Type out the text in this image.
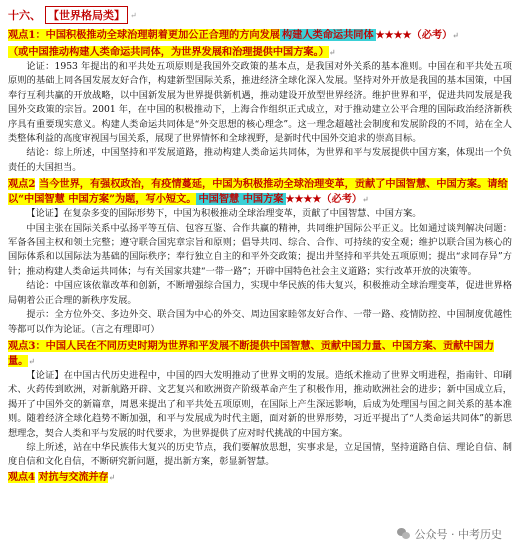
十六、 【世界格局类】 ↵
观点1：中国积极推动全球治理朝着更加公正合理的方向发展 构建人类命运共同体 ★★★★（必考）↵
（或中国推动构建人类命运共同体，为世界发展和治理提供中国方案。）↵

论证：1953 年提出的和平共处五项原则是我国外交政策的基本点，是我国对外关系的基本准则。中国在和平共处五项原则的基础上同各国发展友好合作，构建新型国际关系，推进经济全球化深入发展。坚持对外开放是我国的基本国策，中国奉行互利共赢的开放战略，以中国新发展为世界提供新机遇，推动建设开放型世界经济。维护世界和平，促进共同发展是我国外交政策的宗旨。2001 年，在中国的积极推动下，上海合作组织正式成立，对于推动建立公平合理的国际政治经济新秩序具有重要现实意义。构建人类命运共同体是“外交思想的核心理念”。这一理念超越社会制度和发展阶段的不同，站在全人类整体利益的高度审视国与国关系，展现了世界情怀和全球视野，是新时代中国外交追求的崇高目标。

结论：综上所述，中国坚持和平发展道路，推动构建人类命运共同体，为世界和平与发展提供中国方案，体现出一个负责任的大国担当。

观点2 当今世界，有强权政治，有疫情蔓延，中国为积极推动全球治理变革，贡献了中国智慧、中国方案。请给以“中国智慧 中国方案”为题，写小短文。 中国智慧 中国方案 ★★★★（必考）↵

【论证】在复杂多变的国际形势下，中国为积极推动全球治理变革，贡献了中国智慧、中国方案。

中国主张在国际关系中弘扬平等互信、包容互鉴、合作共赢的精神，共同维护国际公平正义。比如通过谈判解决问题：军备各国主权和领土完整；遵守联合国宪章宗旨和原则；倡导共同、综合、合作、可持续的安全观；维护以联合国为核心的国际体系和以国际法为基础的国际秩序；奉行独立自主的和平外交政策；提出并坚持和平共处五项原则；提出“求同存异”方针；推动构建人类命运共同体；与有关国家共建“一带一路”；开辟中国特色社会主义道路；实行改革开放的决策等。

结论：中国应该依靠改革和创新，不断增强综合国力，实现中华民族的伟大复兴，积极推动全球治理变革，促进世界格局朝着公正合理的新秩序发展。

提示：全方位外交、多边外交、联合国为中心的外交、周边国家睦邻友好合作、一带一路、疫情防控、中国制度优越性等都可以作为论证。（言之有理即可）

观点3：中国人民在不同历史时期为世界和平发展不断提供中国智慧、贡献中国力量、中国方案、贡献中国力量。↵

【论证】在中国古代历史进程中，中国的四大发明推动了世界文明的发展。造纸术推动了世界文明进程，指南针、印刷术、火药传到欧洲，对新航路开辟、文艺复兴和欧洲资产阶级革命产生了积极作用，推动欧洲社会的进步；新中国成立后，揭开了中国外交的新篇章，周恩来提出了和平共处五项原则，在国际上产生深远影响，后成为处理国与国之间关系的基本准则。随着经济全球化趋势不断加强，和平与发展成为时代主题，面对新的世界形势，习近平提出了“人类命运共同体”的新思想理念，契合人类和平与发展的时代要求，为世界提供了应对时代挑战的中国方案。

综上所述，站在中华民族伟大复兴的历史节点，我们要解放思想，实事求是，立足国情，坚持道路自信、理论自信、制度自信和文化自信，不断研究新问题，提出新方案，彰显新智慧。

观点4 对抗与交流并存↵
公众号 · 中考历史
